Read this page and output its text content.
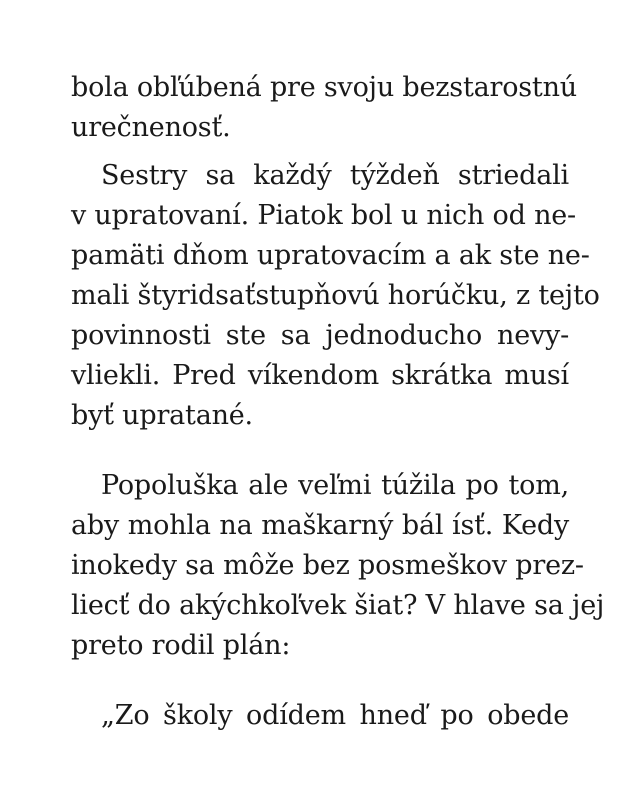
bola obľúbená pre svoju bezstarostnú
urečnenosť.
Sestry sa každý týždeň striedali
v upratovaní. Piatok bol u nich od ne-
pamäti dňom upratovacím a ak ste ne-
mali štyridsaťstupňovú horúčku, z tejto
povinnosti ste sa jednoducho nevy-
vliekli. Pred víkendom skrátka musí
byť upratané.
Popoluška ale veľmi túžila po tom,
aby mohla na maškarný bál ísť. Kedy
inokedy sa môže bez posmeškov prez-
liecť do akýchkoľvek šiat? V hlave sa jej
preto rodil plán:
„Zo školy odídem hneď po obede
